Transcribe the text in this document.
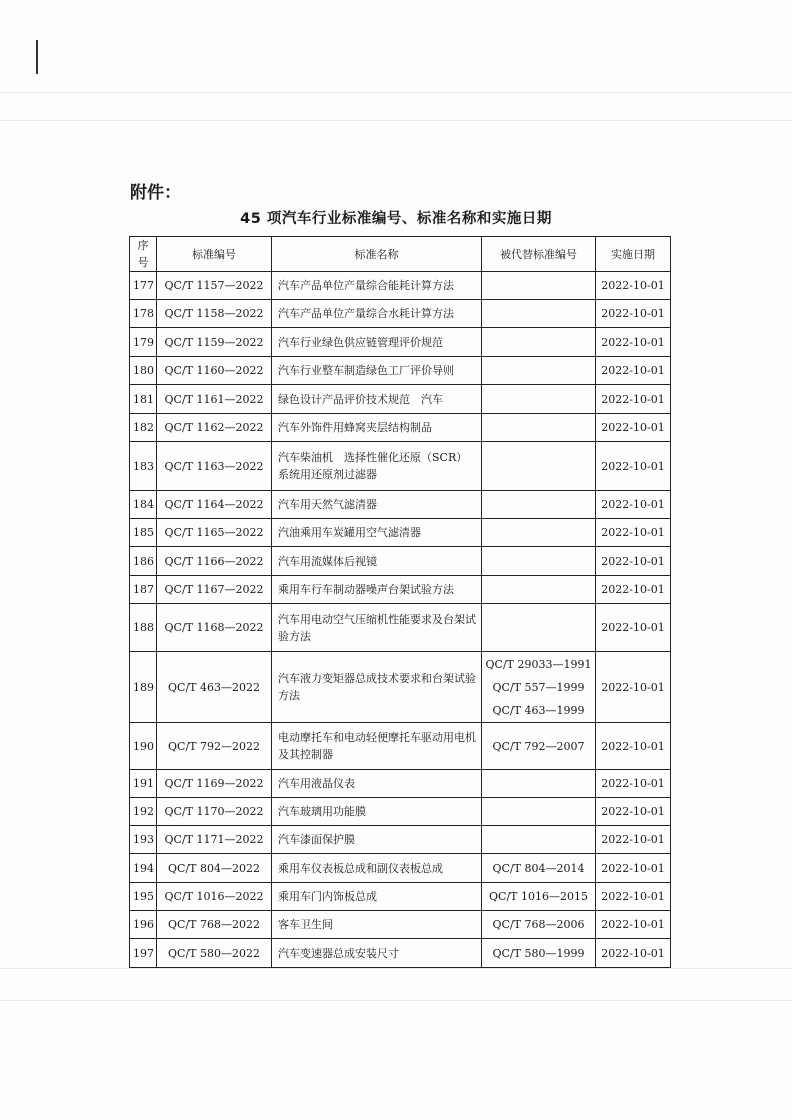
附件：
45 项汽车行业标准编号、标准名称和实施日期
序号	标准编号	标准名称	被代替标准编号	实施日期
177	QC/T 1157—2022	汽车产品单位产量综合能耗计算方法		2022-10-01
178	QC/T 1158—2022	汽车产品单位产量综合水耗计算方法		2022-10-01
179	QC/T 1159—2022	汽车行业绿色供应链管理评价规范		2022-10-01
180	QC/T 1160—2022	汽车行业整车制造绿色工厂评价导则		2022-10-01
181	QC/T 1161—2022	绿色设计产品评价技术规范　汽车		2022-10-01
182	QC/T 1162—2022	汽车外饰件用蜂窝夹层结构制品		2022-10-01
183	QC/T 1163—2022	汽车柴油机　选择性催化还原（SCR）系统用还原剂过滤器		2022-10-01
184	QC/T 1164—2022	汽车用天然气滤清器		2022-10-01
185	QC/T 1165—2022	汽油乘用车炭罐用空气滤清器		2022-10-01
186	QC/T 1166—2022	汽车用流媒体后视镜		2022-10-01
187	QC/T 1167—2022	乘用车行车制动器噪声台架试验方法		2022-10-01
188	QC/T 1168—2022	汽车用电动空气压缩机性能要求及台架试验方法		2022-10-01
189	QC/T 463—2022	汽车液力变矩器总成技术要求和台架试验方法	QC/T 29033—1991
QC/T 557—1999
QC/T 463—1999	2022-10-01
190	QC/T 792—2022	电动摩托车和电动轻便摩托车驱动用电机及其控制器	QC/T 792—2007	2022-10-01
191	QC/T 1169—2022	汽车用液晶仪表		2022-10-01
192	QC/T 1170—2022	汽车玻璃用功能膜		2022-10-01
193	QC/T 1171—2022	汽车漆面保护膜		2022-10-01
194	QC/T 804—2022	乘用车仪表板总成和副仪表板总成	QC/T 804—2014	2022-10-01
195	QC/T 1016—2022	乘用车门内饰板总成	QC/T 1016—2015	2022-10-01
196	QC/T 768—2022	客车卫生间	QC/T 768—2006	2022-10-01
197	QC/T 580—2022	汽车变速器总成安装尺寸	QC/T 580—1999	2022-10-01
